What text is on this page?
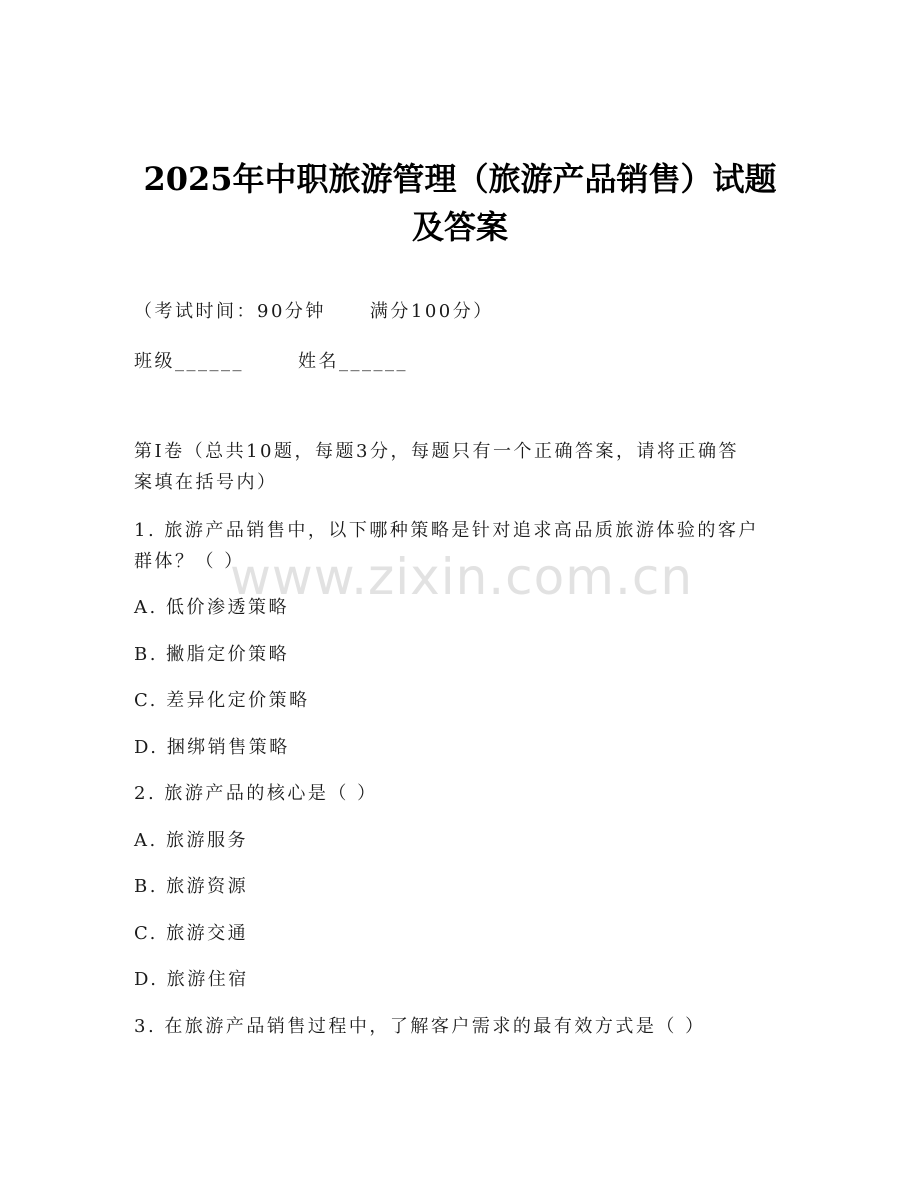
2025年中职旅游管理（旅游产品销售）试题
及答案
（考试时间：90分钟 满分100分）
班级______	姓名______
第Ⅰ卷（总共10题，每题3分，每题只有一个正确答案，请将正确答
案填在括号内）
1. 旅游产品销售中，以下哪种策略是针对追求高品质旅游体验的客户
群体？（ ）
A. 低价渗透策略
B. 撇脂定价策略
C. 差异化定价策略
D. 捆绑销售策略
2. 旅游产品的核心是（ ）
A. 旅游服务
B. 旅游资源
C. 旅游交通
D. 旅游住宿
3. 在旅游产品销售过程中，了解客户需求的最有效方式是（ ）
www.zixin.com.cn
